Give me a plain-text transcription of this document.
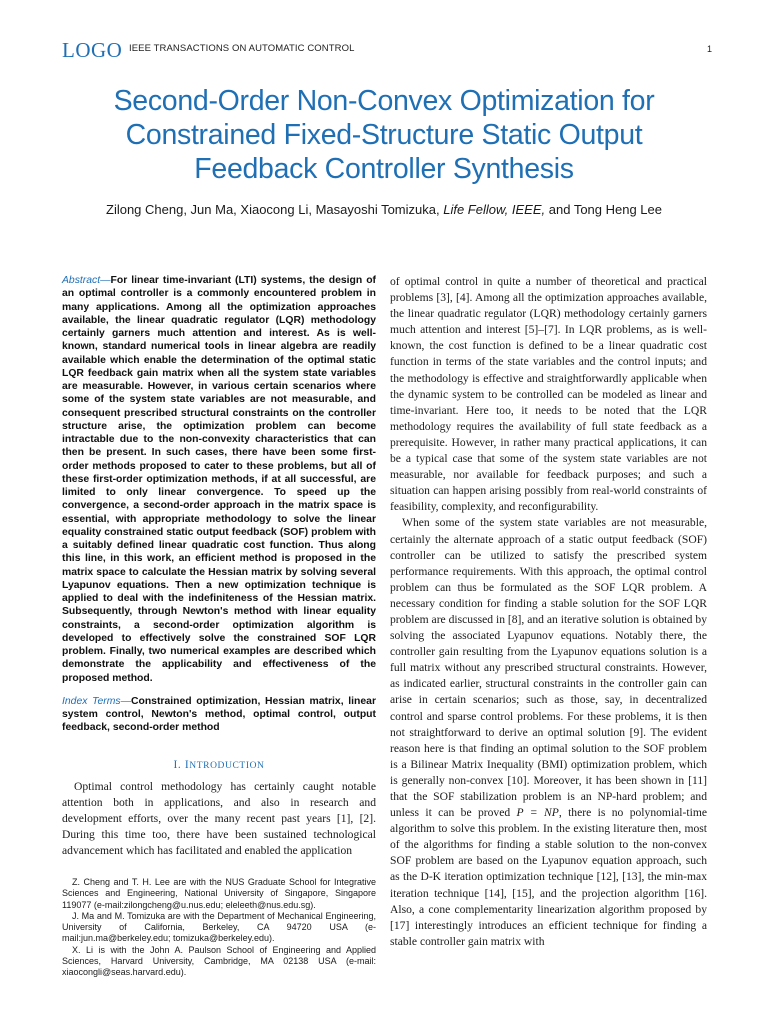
LOGO IEEE TRANSACTIONS ON AUTOMATIC CONTROL	1
Second-Order Non-Convex Optimization for
Constrained Fixed-Structure Static Output
Feedback Controller Synthesis
Zilong Cheng, Jun Ma, Xiaocong Li, Masayoshi Tomizuka, Life Fellow, IEEE, and Tong Heng Lee

Abstract—For linear time-invariant (LTI) systems, the design of an optimal controller is a commonly encountered problem in many applications. Among all the optimization approaches available, the linear quadratic regulator (LQR) methodology certainly garners much attention and interest. As is well-known, standard numerical tools in linear algebra are readily available which enable the determination of the optimal static LQR feedback gain matrix when all the system state variables are measurable. However, in various certain scenarios where some of the system state variables are not measurable, and consequent prescribed structural constraints on the controller structure arise, the optimization problem can become intractable due to the non-convexity characteristics that can then be present. In such cases, there have been some first-order methods proposed to cater to these problems, but all of these first-order optimization methods, if at all successful, are limited to only linear convergence. To speed up the convergence, a second-order approach in the matrix space is essential, with appropriate methodology to solve the linear equality constrained static output feedback (SOF) problem with a suitably defined linear quadratic cost function. Thus along this line, in this work, an efficient method is proposed in the matrix space to calculate the Hessian matrix by solving several Lyapunov equations. Then a new optimization technique is applied to deal with the indefiniteness of the Hessian matrix. Subsequently, through Newton's method with linear equality constraints, a second-order optimization algorithm is developed to effectively solve the constrained SOF LQR problem. Finally, two numerical examples are described which demonstrate the applicability and effectiveness of the proposed method.

Index Terms—Constrained optimization, Hessian matrix, linear system control, Newton's method, optimal control, output feedback, second-order method

I. INTRODUCTION

Optimal control methodology has certainly caught notable attention both in applications, and also in research and development efforts, over the many recent past years [1], [2]. During this time too, there have been sustained technological advancement which has facilitated and enabled the application

Z. Cheng and T. H. Lee are with the NUS Graduate School for Integrative Sciences and Engineering, National University of Singapore, Singapore 119077 (e-mail:zilongcheng@u.nus.edu; eleleeth@nus.edu.sg).

J. Ma and M. Tomizuka are with the Department of Mechanical Engineering, University of California, Berkeley, CA 94720 USA (e-mail:jun.ma@berkeley.edu; tomizuka@berkeley.edu).

X. Li is with the John A. Paulson School of Engineering and Applied Sciences, Harvard University, Cambridge, MA 02138 USA (e-mail: xiaocongli@seas.harvard.edu).

of optimal control in quite a number of theoretical and practical problems [3], [4]. Among all the optimization approaches available, the linear quadratic regulator (LQR) methodology certainly garners much attention and interest [5]–[7]. In LQR problems, as is well-known, the cost function is defined to be a linear quadratic cost function in terms of the state variables and the control inputs; and the methodology is effective and straightforwardly applicable when the dynamic system to be controlled can be modeled as linear and time-invariant. Here too, it needs to be noted that the LQR methodology requires the availability of full state feedback as a prerequisite. However, in rather many practical applications, it can be a typical case that some of the system state variables are not measurable, nor available for feedback purposes; and such a situation can happen arising possibly from real-world constraints of feasibility, complexity, and reconfigurability.

When some of the system state variables are not measurable, certainly the alternate approach of a static output feedback (SOF) controller can be utilized to satisfy the prescribed system performance requirements. With this approach, the optimal control problem can thus be formulated as the SOF LQR problem. A necessary condition for finding a stable solution for the SOF LQR problem are discussed in [8], and an iterative solution is obtained by solving the associated Lyapunov equations. Notably there, the controller gain resulting from the Lyapunov equations solution is a full matrix without any prescribed structural constraints. However, as indicated earlier, structural constraints in the controller gain can arise in certain scenarios; such as those, say, in decentralized control and sparse control problems. For these problems, it is then not straightforward to derive an optimal solution [9]. The evident reason here is that finding an optimal solution to the SOF problem is a Bilinear Matrix Inequality (BMI) optimization problem, which is generally non-convex [10]. Moreover, it has been shown in [11] that the SOF stabilization problem is an NP-hard problem; and unless it can be proved P = NP, there is no polynomial-time algorithm to solve this problem. In the existing literature then, most of the algorithms for finding a stable solution to the non-convex SOF problem are based on the Lyapunov equation approach, such as the D-K iteration optimization technique [12], [13], the min-max iteration technique [14], [15], and the projection algorithm [16]. Also, a cone complementarity linearization algorithm proposed by [17] interestingly introduces an efficient technique for finding a stable controller gain matrix with
